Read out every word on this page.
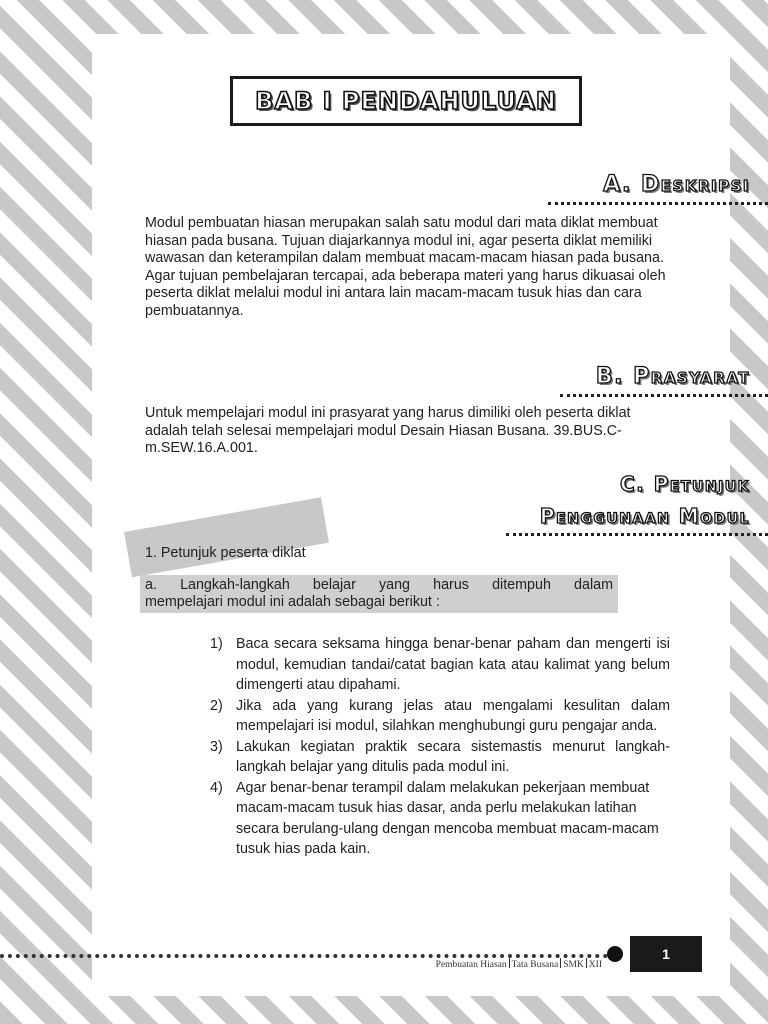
BAB I PENDAHULUAN
A. Deskripsi

Modul pembuatan hiasan merupakan salah satu modul dari mata diklat membuat hiasan pada busana. Tujuan diajarkannya modul ini, agar peserta diklat memiliki wawasan dan keterampilan dalam membuat macam-macam hiasan pada busana. Agar tujuan pembelajaran tercapai, ada beberapa materi yang harus dikuasai oleh peserta diklat melalui modul ini antara lain macam-macam tusuk hias dan cara pembuatannya.

B. Prasyarat

Untuk mempelajari modul ini prasyarat yang harus dimiliki oleh peserta diklat adalah telah selesai mempelajari modul Desain Hiasan Busana. 39.BUS.C- m.SEW.16.A.001.

C. Petunjuk
Penggunaan Modul
1. Petunjuk peserta diklat
a. Langkah-langkah belajar yang harus ditempuh dalam
mempelajari modul ini adalah sebagai berikut :
1) Baca secara seksama hingga benar-benar paham dan mengerti isi modul, kemudian tandai/catat bagian kata atau kalimat yang belum dimengerti atau dipahami.
2) Jika ada yang kurang jelas atau mengalami kesulitan dalam mempelajari isi modul, silahkan menghubungi guru pengajar anda.
3) Lakukan kegiatan praktik secara sistemastis menurut langkah- langkah belajar yang ditulis pada modul ini.
4) Agar benar-benar terampil dalam melakukan pekerjaan membuat macam-macam tusuk hias dasar, anda perlu melakukan latihan secara berulang-ulang dengan mencoba membuat macam-macam tusuk hias pada kain.
1
Pembuatan Hiasan Tata Busana SMK XII
